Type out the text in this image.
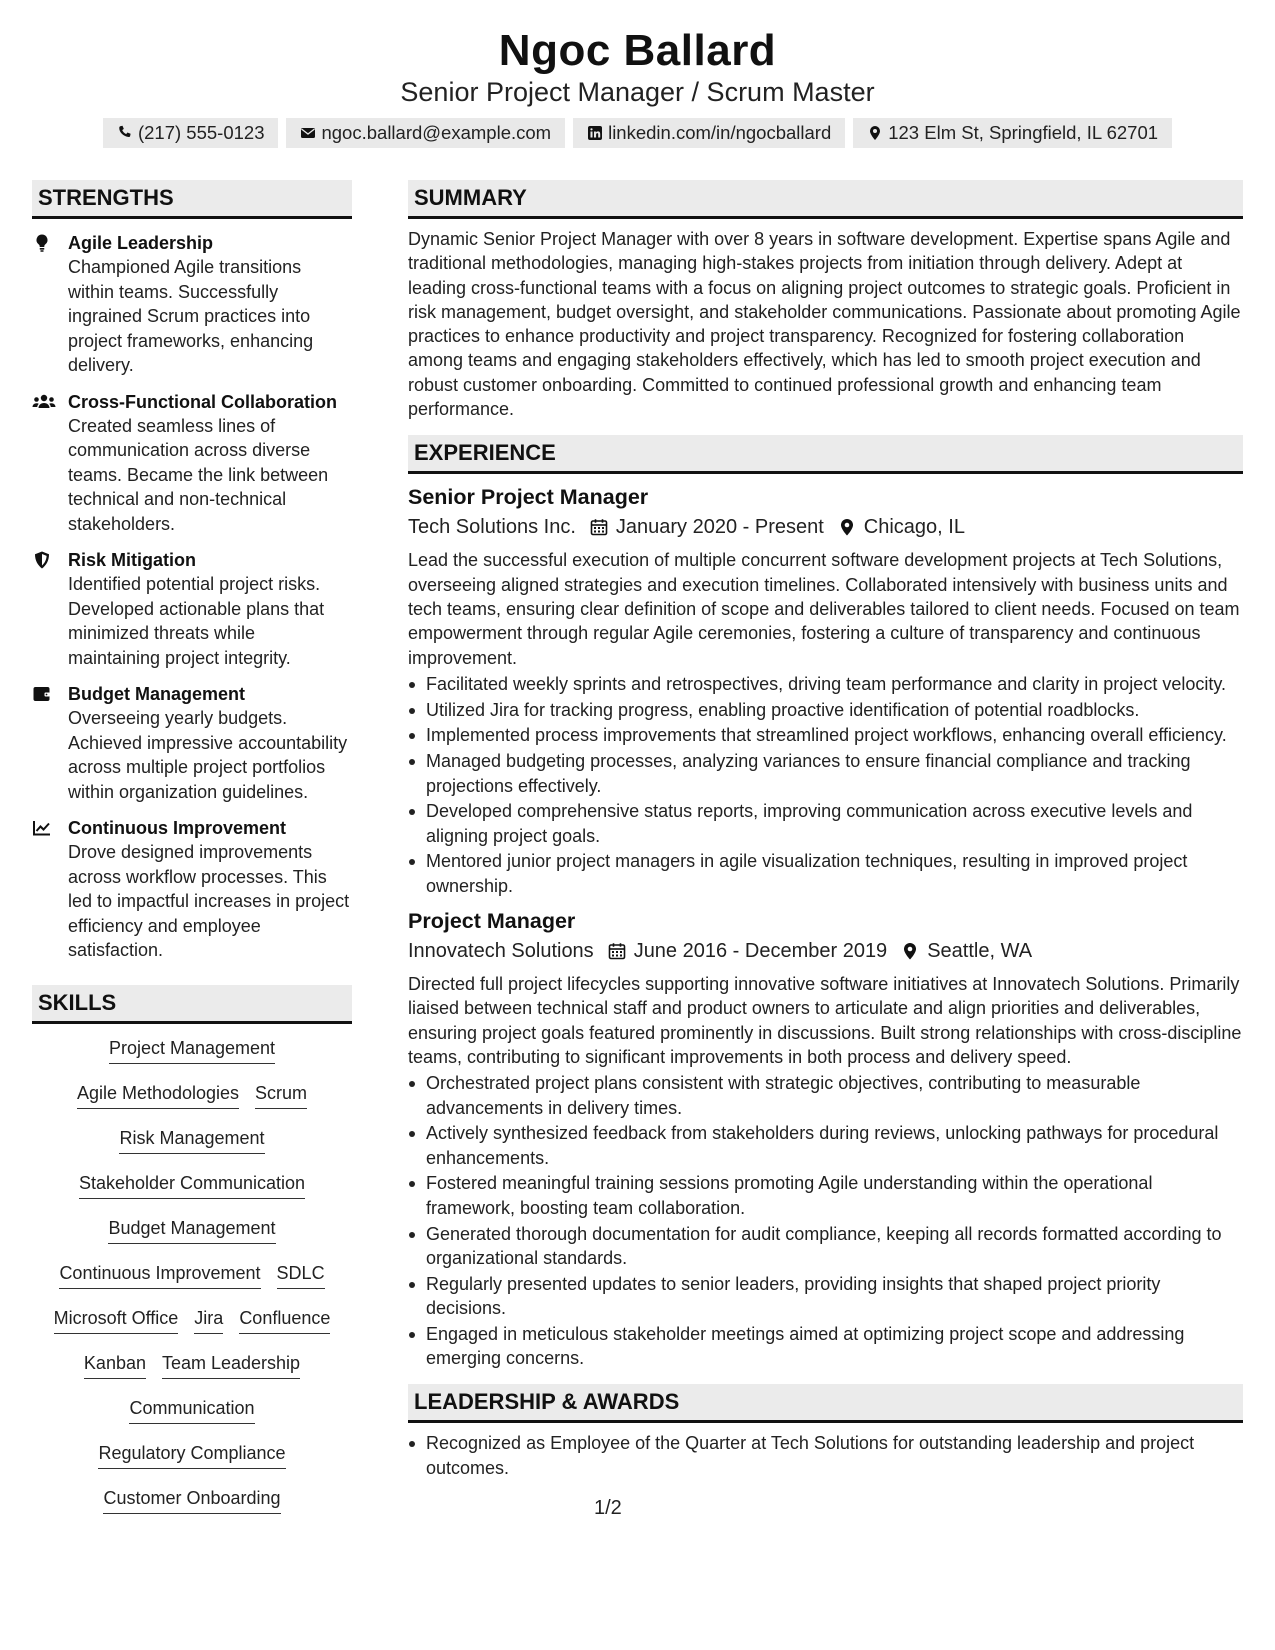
Ngoc Ballard
Senior Project Manager / Scrum Master
(217) 555-0123	ngoc.ballard@example.com	linkedin.com/in/ngocballard	123 Elm St, Springfield, IL 62701
STRENGTHS
Agile Leadership
Championed Agile transitions within teams. Successfully ingrained Scrum practices into project frameworks, enhancing delivery.
Cross-Functional Collaboration
Created seamless lines of communication across diverse teams. Became the link between technical and non-technical stakeholders.
Risk Mitigation
Identified potential project risks. Developed actionable plans that minimized threats while maintaining project integrity.
Budget Management
Overseeing yearly budgets. Achieved impressive accountability across multiple project portfolios within organization guidelines.
Continuous Improvement
Drove designed improvements across workflow processes. This led to impactful increases in project efficiency and employee satisfaction.
SKILLS
Project Management
Agile Methodologies Scrum
Risk Management
Stakeholder Communication
Budget Management
Continuous Improvement SDLC
Microsoft Office Jira Confluence
Kanban Team Leadership
Communication
Regulatory Compliance
Customer Onboarding
SUMMARY
Dynamic Senior Project Manager with over 8 years in software development. Expertise spans Agile and traditional methodologies, managing high-stakes projects from initiation through delivery. Adept at leading cross-functional teams with a focus on aligning project outcomes to strategic goals. Proficient in risk management, budget oversight, and stakeholder communications. Passionate about promoting Agile practices to enhance productivity and project transparency. Recognized for fostering collaboration among teams and engaging stakeholders effectively, which has led to smooth project execution and robust customer onboarding. Committed to continued professional growth and enhancing team performance.
EXPERIENCE
Senior Project Manager
Tech Solutions Inc. January 2020 - Present Chicago, IL
Lead the successful execution of multiple concurrent software development projects at Tech Solutions, overseeing aligned strategies and execution timelines. Collaborated intensively with business units and tech teams, ensuring clear definition of scope and deliverables tailored to client needs. Focused on team empowerment through regular Agile ceremonies, fostering a culture of transparency and continuous improvement.
Facilitated weekly sprints and retrospectives, driving team performance and clarity in project velocity.
Utilized Jira for tracking progress, enabling proactive identification of potential roadblocks.
Implemented process improvements that streamlined project workflows, enhancing overall efficiency.
Managed budgeting processes, analyzing variances to ensure financial compliance and tracking projections effectively.
Developed comprehensive status reports, improving communication across executive levels and aligning project goals.
Mentored junior project managers in agile visualization techniques, resulting in improved project ownership.
Project Manager
Innovatech Solutions June 2016 - December 2019 Seattle, WA
Directed full project lifecycles supporting innovative software initiatives at Innovatech Solutions. Primarily liaised between technical staff and product owners to articulate and align priorities and deliverables, ensuring project goals featured prominently in discussions. Built strong relationships with cross-discipline teams, contributing to significant improvements in both process and delivery speed.
Orchestrated project plans consistent with strategic objectives, contributing to measurable advancements in delivery times.
Actively synthesized feedback from stakeholders during reviews, unlocking pathways for procedural enhancements.
Fostered meaningful training sessions promoting Agile understanding within the operational framework, boosting team collaboration.
Generated thorough documentation for audit compliance, keeping all records formatted according to organizational standards.
Regularly presented updates to senior leaders, providing insights that shaped project priority decisions.
Engaged in meticulous stakeholder meetings aimed at optimizing project scope and addressing emerging concerns.
LEADERSHIP & AWARDS
Recognized as Employee of the Quarter at Tech Solutions for outstanding leadership and project outcomes.
1/2
